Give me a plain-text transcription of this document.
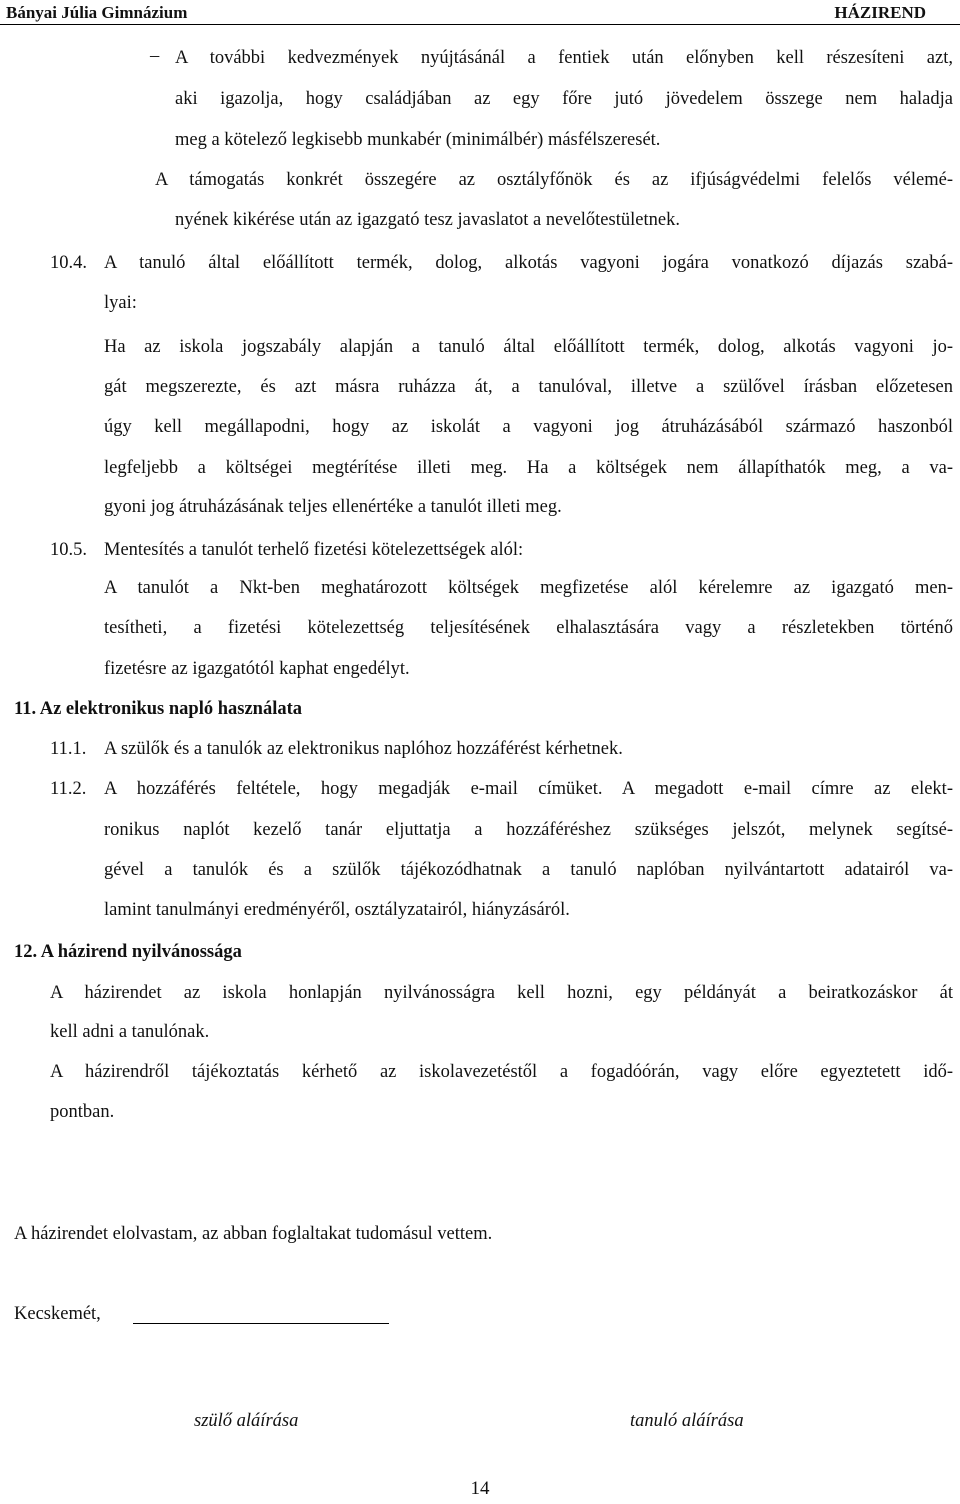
Bányai Júlia Gimnázium	HÁZIREND
– A további kedvezmények nyújtásánál a fentiek után előnyben kell részesíteni azt,
aki igazolja, hogy családjában az egy főre jutó jövedelem összege nem haladja
meg a kötelező legkisebb munkabér (minimálbér) másfélszeresét.
A támogatás konkrét összegére az osztályfőnök és az ifjúságvédelmi felelős vélemé-
nyének kikérése után az igazgató tesz javaslatot a nevelőtestületnek.
10.4. A tanuló által előállított termék, dolog, alkotás vagyoni jogára vonatkozó díjazás szabá-
lyai:
Ha az iskola jogszabály alapján a tanuló által előállított termék, dolog, alkotás vagyoni jo-
gát megszerezte, és azt másra ruházza át, a tanulóval, illetve a szülővel írásban előzetesen
úgy kell megállapodni, hogy az iskolát a vagyoni jog átruházásából származó haszonból
legfeljebb a költségei megtérítése illeti meg. Ha a költségek nem állapíthatók meg, a va-
gyoni jog átruházásának teljes ellenértéke a tanulót illeti meg.
10.5. Mentesítés a tanulót terhelő fizetési kötelezettségek alól:
A tanulót a Nkt-ben meghatározott költségek megfizetése alól kérelemre az igazgató men-
tesítheti, a fizetési kötelezettség teljesítésének elhalasztására vagy a részletekben történő
fizetésre az igazgatótól kaphat engedélyt.
11. Az elektronikus napló használata
11.1. A szülők és a tanulók az elektronikus naplóhoz hozzáférést kérhetnek.
11.2. A hozzáférés feltétele, hogy megadják e-mail címüket. A megadott e-mail címre az elekt-
ronikus naplót kezelő tanár eljuttatja a hozzáféréshez szükséges jelszót, melynek segítsé-
gével a tanulók és a szülők tájékozódhatnak a tanuló naplóban nyilvántartott adatairól va-
lamint tanulmányi eredményéről, osztályzatairól, hiányzásáról.
12. A házirend nyilvánossága
A házirendet az iskola honlapján nyilvánosságra kell hozni, egy példányát a beiratkozáskor át
kell adni a tanulónak.
A házirendről tájékoztatás kérhető az iskolavezetéstől a fogadóórán, vagy előre egyeztetett idő-
pontban.
A házirendet elolvastam, az abban foglaltakat tudomásul vettem.
Kecskemét,
szülő aláírása	tanuló aláírása
14
